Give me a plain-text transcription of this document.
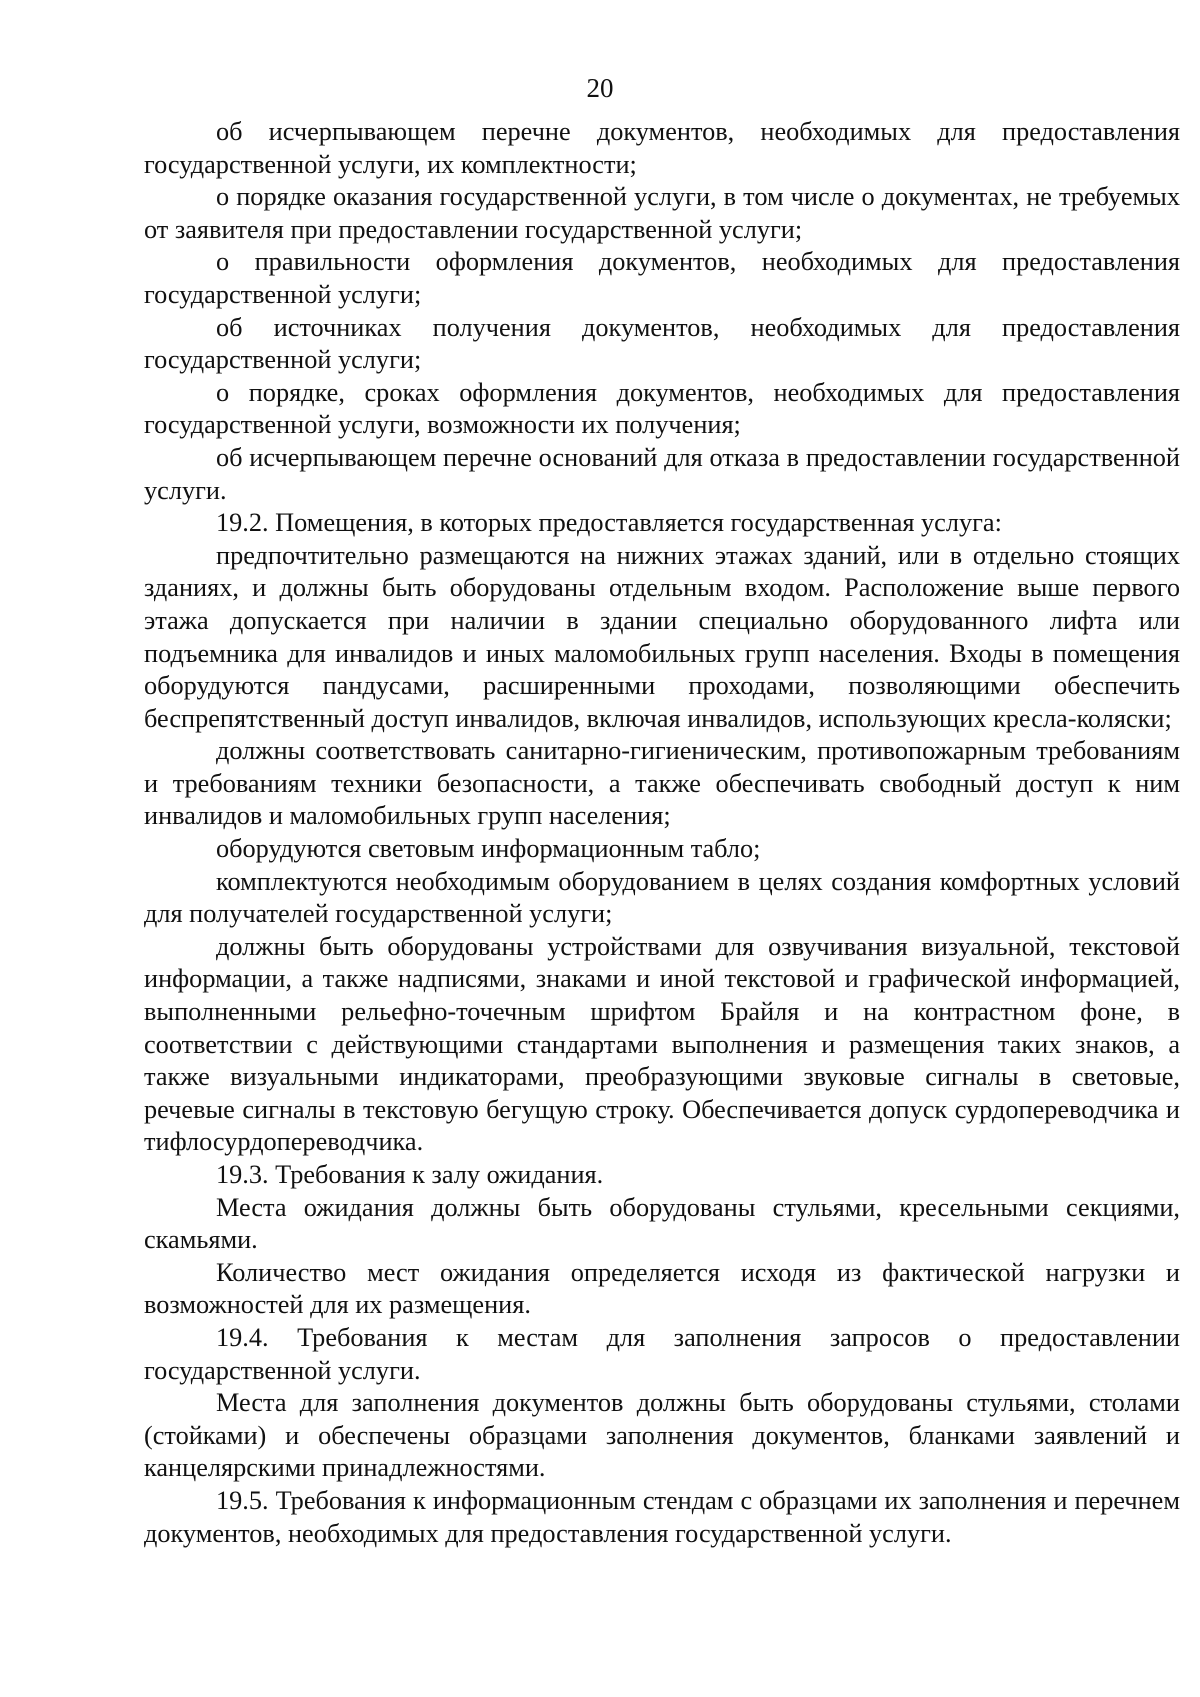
20

об исчерпывающем перечне документов, необходимых для предоставления государственной услуги, их комплектности;

о порядке оказания государственной услуги, в том числе о документах, не требуемых от заявителя при предоставлении государственной услуги;

о правильности оформления документов, необходимых для предоставления государственной услуги;

об источниках получения документов, необходимых для предоставления государственной услуги;

о порядке, сроках оформления документов, необходимых для предоставления государственной услуги, возможности их получения;

об исчерпывающем перечне оснований для отказа в предоставлении государственной услуги.

19.2. Помещения, в которых предоставляется государственная услуга:

предпочтительно размещаются на нижних этажах зданий, или в отдельно стоящих зданиях, и должны быть оборудованы отдельным входом. Расположение выше первого этажа допускается при наличии в здании специально оборудованного лифта или подъемника для инвалидов и иных маломобильных групп населения. Входы в помещения оборудуются пандусами, расширенными проходами, позволяющими обеспечить беспрепятственный доступ инвалидов, включая инвалидов, использующих кресла-коляски;

должны соответствовать санитарно-гигиеническим, противопожарным требованиям и требованиям техники безопасности, а также обеспечивать свободный доступ к ним инвалидов и маломобильных групп населения;

оборудуются световым информационным табло;

комплектуются необходимым оборудованием в целях создания комфортных условий для получателей государственной услуги;

должны быть оборудованы устройствами для озвучивания визуальной, текстовой информации, а также надписями, знаками и иной текстовой и графической информацией, выполненными рельефно-точечным шрифтом Брайля и на контрастном фоне, в соответствии с действующими стандартами выполнения и размещения таких знаков, а также визуальными индикаторами, преобразующими звуковые сигналы в световые, речевые сигналы в текстовую бегущую строку. Обеспечивается допуск сурдопереводчика и тифлосурдопереводчика.

19.3. Требования к залу ожидания.

Места ожидания должны быть оборудованы стульями, кресельными секциями, скамьями.

Количество мест ожидания определяется исходя из фактической нагрузки и возможностей для их размещения.

19.4. Требования к местам для заполнения запросов о предоставлении государственной услуги.

Места для заполнения документов должны быть оборудованы стульями, столами (стойками) и обеспечены образцами заполнения документов, бланками заявлений и канцелярскими принадлежностями.

19.5. Требования к информационным стендам с образцами их заполнения и перечнем документов, необходимых для предоставления государственной услуги.
